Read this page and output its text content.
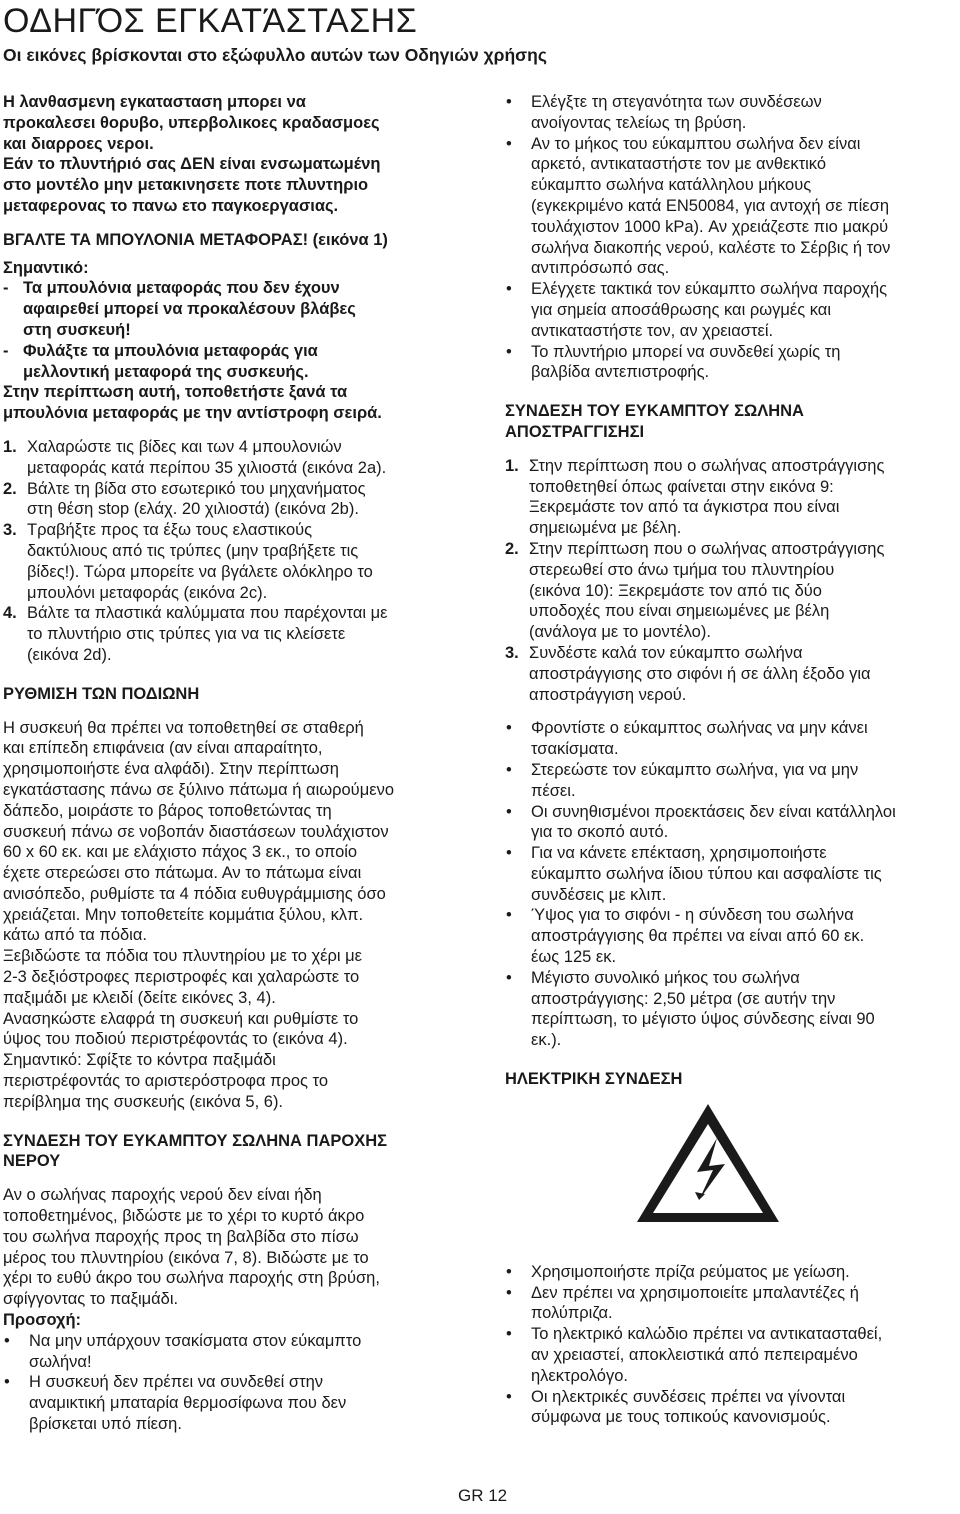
ΟΔΗΓΌΣ ΕΓΚΑΤΆΣΤΑΣΗΣ

Οι εικόνες βρίσκονται στο εξώφυλλο αυτών των Οδηγιών χρήσης

Η λανθασμενη εγκατασταση μπορει να

προκαλεσει θορυβο, υπερβολικοες κραδασμοες

και διαρροες νεροι.

Εάν το πλυντήριό σας ΔΕΝ είναι ενσωματωμένη

στο μοντέλο μην μετακινησετε ποτε πλυντηριο

μεταφερονας το πανω ετο παγκοεργασιας.

ΒΓΑΛΤΕ ΤΑ ΜΠΟΥΛΟΝΙΑ ΜΕΤΑΦΟΡΑΣ! (εικόνα 1)

Σημαντικό:

- Τα μπουλόνια μεταφοράς που δεν έχουν

αφαιρεθεί μπορεί να προκαλέσουν βλάβες

στη συσκευή!

- Φυλάξτε τα μπουλόνια μεταφοράς για

μελλοντική μεταφορά της συσκευής.

Στην περίπτωση αυτή, τοποθετήστε ξανά τα

μπουλόνια μεταφοράς με την αντίστροφη σειρά.

1. Χαλαρώστε τις βίδες και των 4 μπουλονιών

μεταφοράς κατά περίπου 35 χιλιοστά (εικόνα 2a).

2. Βάλτε τη βίδα στο εσωτερικό του μηχανήματος

στη θέση stop (ελάχ. 20 χιλιοστά) (εικόνα 2b).

3. Τραβήξτε προς τα έξω τους ελαστικούς

δακτύλιους από τις τρύπες (μην τραβήξετε τις

βίδες!). Τώρα μπορείτε να βγάλετε ολόκληρο το

μπουλόνι μεταφοράς (εικόνα 2c).

4. Βάλτε τα πλαστικά καλύμματα που παρέχονται με

το πλυντήριο στις τρύπες για να τις κλείσετε

(εικόνα 2d).

ΡΥΘΜΙΣΗ ΤΩΝ ΠΟΔΙΩΝΗ

Η συσκευή θα πρέπει να τοποθετηθεί σε σταθερή

και επίπεδη επιφάνεια (αν είναι απαραίτητο,

χρησιμοποιήστε ένα αλφάδι). Στην περίπτωση

εγκατάστασης πάνω σε ξύλινο πάτωμα ή αιωρούμενο

δάπεδο, μοιράστε το βάρος τοποθετώντας τη

συσκευή πάνω σε νοβοπάν διαστάσεων τουλάχιστον

60 x 60 εκ. και με ελάχιστο πάχος 3 εκ., το οποίο

έχετε στερεώσει στο πάτωμα. Αν το πάτωμα είναι

ανισόπεδο, ρυθμίστε τα 4 πόδια ευθυγράμμισης όσο

χρειάζεται. Μην τοποθετείτε κομμάτια ξύλου, κλπ.

κάτω από τα πόδια.

Ξεβιδώστε τα πόδια του πλυντηρίου με το χέρι με

2-3 δεξιόστροφες περιστροφές και χαλαρώστε το

παξιμάδι με κλειδί (δείτε εικόνες 3, 4).

Ανασηκώστε ελαφρά τη συσκευή και ρυθμίστε το

ύψος του ποδιού περιστρέφοντάς το (εικόνα 4).

Σημαντικό: Σφίξτε το κόντρα παξιμάδι

περιστρέφοντάς το αριστερόστροφα προς το

περίβλημα της συσκευής (εικόνα 5, 6).

ΣΥΝΔΕΣΗ ΤΟΥ ΕΥΚΑΜΠΤΟΥ ΣΩΛΗΝΑ ΠΑΡΟΧΗΣ

ΝΕΡΟΥ

Αν ο σωλήνας παροχής νερού δεν είναι ήδη

τοποθετημένος, βιδώστε με το χέρι το κυρτό άκρο

του σωλήνα παροχής προς τη βαλβίδα στο πίσω

μέρος του πλυντηρίου (εικόνα 7, 8). Βιδώστε με το

χέρι το ευθύ άκρο του σωλήνα παροχής στη βρύση,

σφίγγοντας το παξιμάδι.

Προσοχή:

• Να μην υπάρχουν τσακίσματα στον εύκαμπτο

σωλήνα!

• Η συσκευή δεν πρέπει να συνδεθεί στην

αναμικτική μπαταρία θερμοσίφωνα που δεν

βρίσκεται υπό πίεση.

• Ελέγξτε τη στεγανότητα των συνδέσεων

ανοίγοντας τελείως τη βρύση.

• Αν το μήκος του εύκαμπτου σωλήνα δεν είναι

αρκετό, αντικαταστήστε τον με ανθεκτικό

εύκαμπτο σωλήνα κατάλληλου μήκους

(εγκεκριμένο κατά EN50084, για αντοχή σε πίεση

τουλάχιστον 1000 kPa). Αν χρειάζεστε πιο μακρύ

σωλήνα διακοπής νερού, καλέστε το Σέρβις ή τον

αντιπρόσωπό σας.

• Ελέγχετε τακτικά τον εύκαμπτο σωλήνα παροχής

για σημεία αποσάθρωσης και ρωγμές και

αντικαταστήστε τον, αν χρειαστεί.

• Το πλυντήριο μπορεί να συνδεθεί χωρίς τη

βαλβίδα αντεπιστροφής.

ΣΥΝΔΕΣΗ ΤΟΥ ΕΥΚΑΜΠΤΟΥ ΣΩΛΗΝΑ

ΑΠΟΣΤΡΑΓΓΙΣΗΣΙ

1. Στην περίπτωση που ο σωλήνας αποστράγγισης

τοποθετηθεί όπως φαίνεται στην εικόνα 9:

Ξεκρεμάστε τον από τα άγκιστρα που είναι

σημειωμένα με βέλη.

2. Στην περίπτωση που ο σωλήνας αποστράγγισης

στερεωθεί στο άνω τμήμα του πλυντηρίου

(εικόνα 10): Ξεκρεμάστε τον από τις δύο

υποδοχές που είναι σημειωμένες με βέλη

(ανάλογα με το μοντέλο).

3. Συνδέστε καλά τον εύκαμπτο σωλήνα

αποστράγγισης στο σιφόνι ή σε άλλη έξοδο για

αποστράγγιση νερού.

• Φροντίστε ο εύκαμπτος σωλήνας να μην κάνει

τσακίσματα.

• Στερεώστε τον εύκαμπτο σωλήνα, για να μην

πέσει.

• Οι συνηθισμένοι προεκτάσεις δεν είναι κατάλληλοι

για το σκοπό αυτό.

• Για να κάνετε επέκταση, χρησιμοποιήστε

εύκαμπτο σωλήνα ίδιου τύπου και ασφαλίστε τις

συνδέσεις με κλιπ.

• Ύψος για το σιφόνι - η σύνδεση του σωλήνα

αποστράγγισης θα πρέπει να είναι από 60 εκ.

έως 125 εκ.

• Μέγιστο συνολικό μήκος του σωλήνα

αποστράγγισης: 2,50 μέτρα (σε αυτήν την

περίπτωση, το μέγιστο ύψος σύνδεσης είναι 90

εκ.).

ΗΛΕΚΤΡΙΚΗ ΣΥΝΔΕΣΗ

• Χρησιμοποιήστε πρίζα ρεύματος με γείωση.

• Δεν πρέπει να χρησιμοποιείτε μπαλαντέζες ή

πολύπριζα.

• Το ηλεκτρικό καλώδιο πρέπει να αντικατασταθεί,

αν χρειαστεί, αποκλειστικά από πεπειραμένο

ηλεκτρολόγο.

• Οι ηλεκτρικές συνδέσεις πρέπει να γίνονται

σύμφωνα με τους τοπικούς κανονισμούς.

GR 12
